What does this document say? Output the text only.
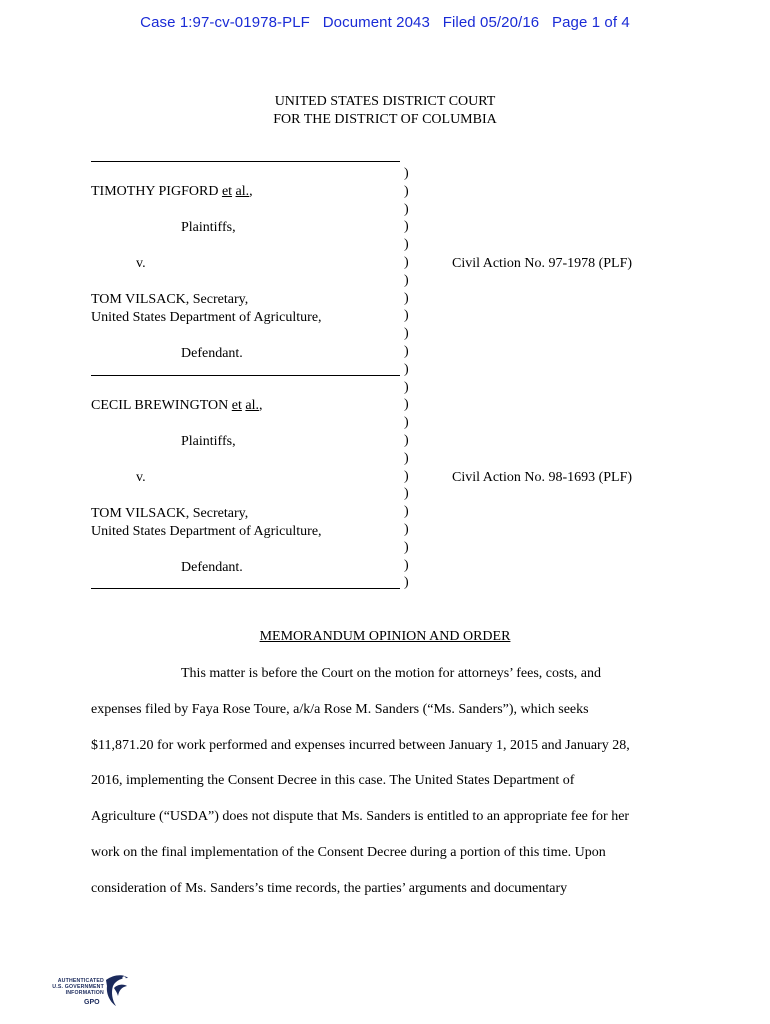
Case 1:97-cv-01978-PLF   Document 2043   Filed 05/20/16   Page 1 of 4
UNITED STATES DISTRICT COURT
FOR THE DISTRICT OF COLUMBIA
TIMOTHY PIGFORD et al.,
Plaintiffs,
v.
TOM VILSACK, Secretary,
United States Department of Agriculture,
Defendant.
Civil Action No. 97-1978 (PLF)
CECIL BREWINGTON et al.,
Plaintiffs,
v.
TOM VILSACK, Secretary,
United States Department of Agriculture,
Defendant.
Civil Action No. 98-1693 (PLF)
)
)
)
)
)
)
)
)
)
)
)
)
)
)
)
)
)
)
)
)
)
)
)
)
MEMORANDUM OPINION AND ORDER
This matter is before the Court on the motion for attorneys’ fees, costs, and
expenses filed by Faya Rose Toure, a/k/a Rose M. Sanders (“Ms. Sanders”), which seeks
$11,871.20 for work performed and expenses incurred between January 1, 2015 and January 28,
2016, implementing the Consent Decree in this case. The United States Department of
Agriculture (“USDA”) does not dispute that Ms. Sanders is entitled to an appropriate fee for her
work on the final implementation of the Consent Decree during a portion of this time. Upon
consideration of Ms. Sanders’s time records, the parties’ arguments and documentary
AUTHENTICATED
U.S. GOVERNMENT
INFORMATION
GPO
